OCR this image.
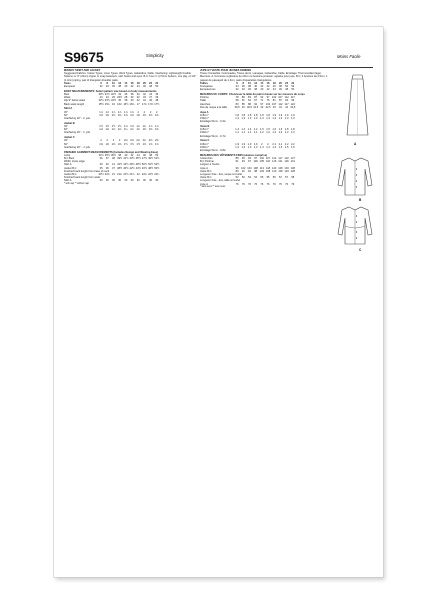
S9675	Simplicity	Moins Facile
MISSES' SKIRT AND JACKET
Suggested Fabrics: Cotton Types, Linen Types, Wool Types, Gabardine, Faille. Interfacing: Lightweight Fusible.
Notions: A: 9" (23cm) zipper or snap fasteners, skirt hooks and eyes. B,C: Four 1" (2.5cm) buttons, one pkg. of 1/2" (1.3cm) piping, pair of triangular shoulder pads.
Sizes	6	8	10	12	14	16	18	20	22	24
European	32	34	36	38	40	42	44	46	48	50
BODY MEASUREMENTS: Select pattern size based on body measurements
Bust	30½ 31½ 32½ 34	36	38	40	42	44	46
Waist	23	24	25 26½ 28	30	32	34	37	39
Hip 9" below waist	32½ 33½ 34½ 36	38	40	42	44	46	48
Back waist length	15½ 15¾ 16 16¼ 16½ 16¾ 17 17¼ 17⅜ 17½
Skirt A
45"	1⅞ 1⅞ 1⅞ 1⅞ 1⅞ 1⅞	2	2	2	2
60"	1⅜ 1⅜ 1⅜ 1⅜ 1⅜ 1⅜ 1⅜ 1⅜ 1⅜ 1⅜
Interfacing 20" - ¼ yds
Jacket B
45"	1½ 1½ 1½ 1½ 1⅝ 1⅝ 1¾ 1¾ 1⅞ 1⅞
60"	1⅛ 1⅛ 1⅛ 1⅛ 1¼ 1¼ 1¼ 1⅜ 1⅜ 1⅜
Interfacing 20" - ¾ yds
Jacket C
45"	2	2	2	2	2⅛ 2⅛ 2¼ 2¼ 2⅜ 2⅜
60"	1⅜ 1⅜ 1⅜ 1⅜ 1½ 1½ 1½ 1⅝ 1⅝ 1⅝
Interfacing 20" - ⅞ yds
FINISHED GARMENT MEASUREMENTS (Includes Design and Wearing Ease)
A Hip	34½ 35½ 36½ 38	40	42	44	46	48	50
B,C Bust	36	37	38 39½ 41½ 43½ 45½ 47½ 49½ 51½
Width, lower edge
Skirt A	39	40	41 42½ 44½ 46½ 48½ 50½ 52½ 54½
Jacket B,C	35	36	37 38½ 40½ 42½ 44½ 46½ 48½ 50½
Finished back length from base of neck
Jacket B,C	20½ 20¾ 21 21¼ 21½ 21¾ 22 22¼ 22½ 22¾
Finished back length from waist
Skirt A	30	30	30	30	30	30	30	30	30	30
* with nap ** without nap
JUPE ET VESTE POUR JEUNES FEMMES
Tissus Conseillés: Cotonnades, Tissus de lin, Lainages, Gabardine, Faille. Entoilage: Thermocollant léger.
Mercerie: A: fermeture à glissière de 23cm ou boutons-pression, agrafes pour jupe. B,C: 4 boutons de 2,5cm, 1 paquet de passepoil de 1,3cm, paire d'épaulettes triangulaires.
Tailles	6	8	10	12	14	16	18	20	22	24
Françaises	34	36	38	40	42	44	46	48	50	52
Européennes	32	34	36	38	40	42	44	46	48	50
MESURES DU CORPS: Choisissez la taille du patron basée sur les mesures du corps
Poitrine	78	80	83	87	92	97 102 107 112 117
Taille	58	61	64	67	71	76	81	87	94	99
Hanches	83	85	88	92	97 102 107 112 117 122
Dos de nuque à la taille	39,5 40 40,5 41,5 42 42,5 43	44	44 44,5
Jupe A
115cm*	1,8 1,8 1,8 1,8 1,8 1,8 1,9 1,9 1,9 1,9
150cm*	1,3 1,3 1,3 1,3 1,3 1,3 1,3 1,3 1,3 1,3
Entoilage 51cm - 0,3m
Veste B
115cm*	1,4 1,4 1,4 1,4 1,5 1,5 1,6 1,6 1,8 1,8
150cm*	1,1 1,1 1,1 1,1 1,2 1,2 1,2 1,3 1,3 1,3
Entoilage 51cm - 0,7m
Veste C
115cm*	1,9 1,9 1,9 1,9	2	2	2,1 2,1 2,2 2,2
150cm*	1,3 1,3 1,3 1,3 1,4 1,4 1,4 1,5 1,5 1,5
Entoilage 51cm - 0,8m
MESURES DES VÊTEMENTS FINIS (aisance comprise)
A Hanches	88	90	93	97 102 107 112 117 122 127
B,C Poitrine	91	94	97 100 105 110 116 121 126 131
Largeur à l'ourlet
Jupe A	99 102 104 108 113 118 123 128 133 138
Veste B,C	89	91	94	98 103 108 113 118 123 128
Longueur finie - dos, nuque à l'ourlet
Veste B,C	52	53	53	54	55	55	56	57	57	58
Longueur finie - dos, taille à l'ourlet
Jupe A	76	76	76	76	76	76	76	76	76	76
* sans sens ** avec sens
A
B
C
